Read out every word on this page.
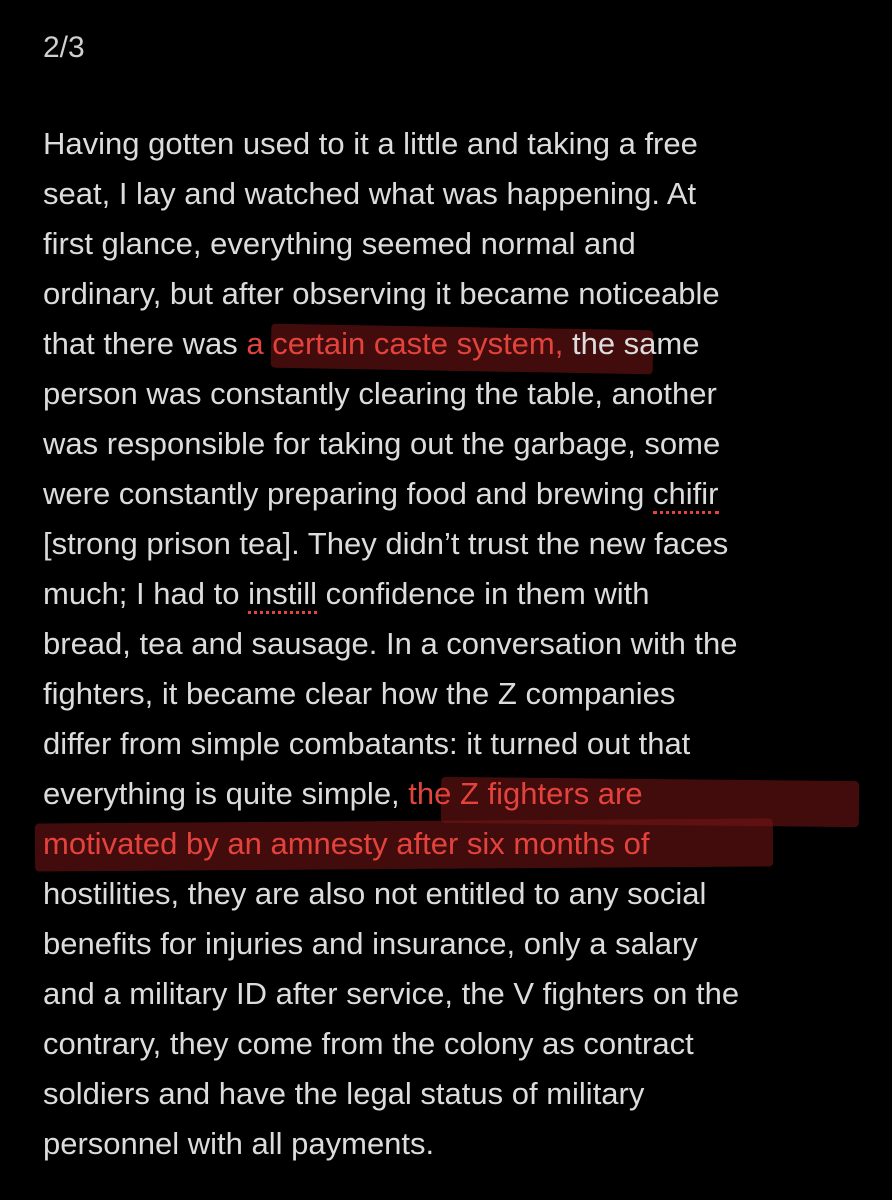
2/3
Having gotten used to it a little and taking a free
seat, I lay and watched what was happening. At
first glance, everything seemed normal and
ordinary, but after observing it became noticeable
that there was a certain caste system, the same
person was constantly clearing the table, another
was responsible for taking out the garbage, some
were constantly preparing food and brewing chifir
[strong prison tea]. They didn’t trust the new faces
much; I had to instill confidence in them with
bread, tea and sausage. In a conversation with the
fighters, it became clear how the Z companies
differ from simple combatants: it turned out that
everything is quite simple, the Z fighters are
motivated by an amnesty after six months of
hostilities, they are also not entitled to any social
benefits for injuries and insurance, only a salary
and a military ID after service, the V fighters on the
contrary, they come from the colony as contract
soldiers and have the legal status of military
personnel with all payments.
